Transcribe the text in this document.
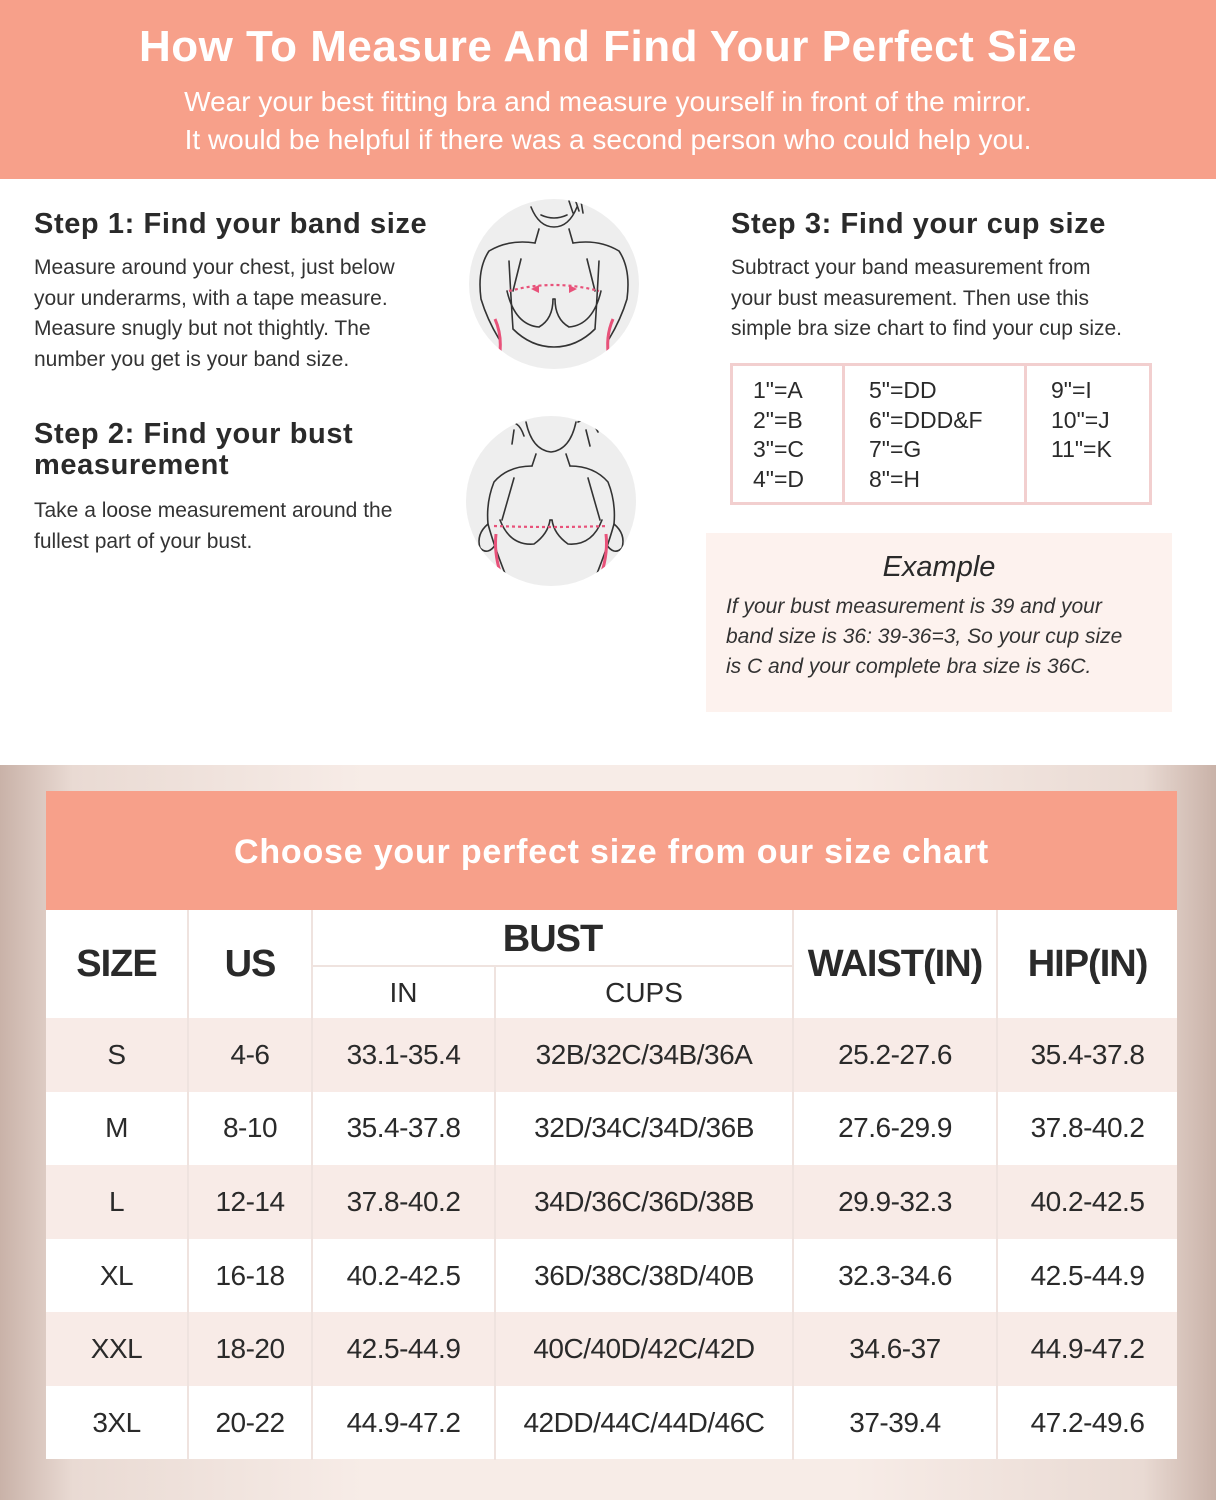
How To Measure And Find Your Perfect Size

Wear your best fitting bra and measure yourself in front of the mirror.

It would be helpful if there was a second person who could help you.

Step 1: Find your band size
Measure around your chest, just below
your underarms, with a tape measure.
Measure snugly but not thightly. The
number you get is your band size.
Step 2: Find your bust
measurement
Take a loose measurement around the
fullest part of your bust.
Step 3: Find your cup size
Subtract your band measurement from
your bust measurement. Then use this
simple bra size chart to find your cup size.
1"=A
2"=B
3"=C
4"=D
5"=DD
6"=DDD&F
7"=G
8"=H
9"=I
10"=J
11"=K
Example
If your bust measurement is 39 and your
band size is 36: 39-36=3, So your cup size
is C and your complete bra size is 36C.
Choose your perfect size from our size chart
SIZE	US	BUST		WAIST(IN)	HIP(IN)
		IN	CUPS		
S	4-6	33.1-35.4	32B/32C/34B/36A	25.2-27.6	35.4-37.8
M	8-10	35.4-37.8	32D/34C/34D/36B	27.6-29.9	37.8-40.2
L	12-14	37.8-40.2	34D/36C/36D/38B	29.9-32.3	40.2-42.5
XL	16-18	40.2-42.5	36D/38C/38D/40B	32.3-34.6	42.5-44.9
XXL	18-20	42.5-44.9	40C/40D/42C/42D	34.6-37	44.9-47.2
3XL	20-22	44.9-47.2	42DD/44C/44D/46C	37-39.4	47.2-49.6
